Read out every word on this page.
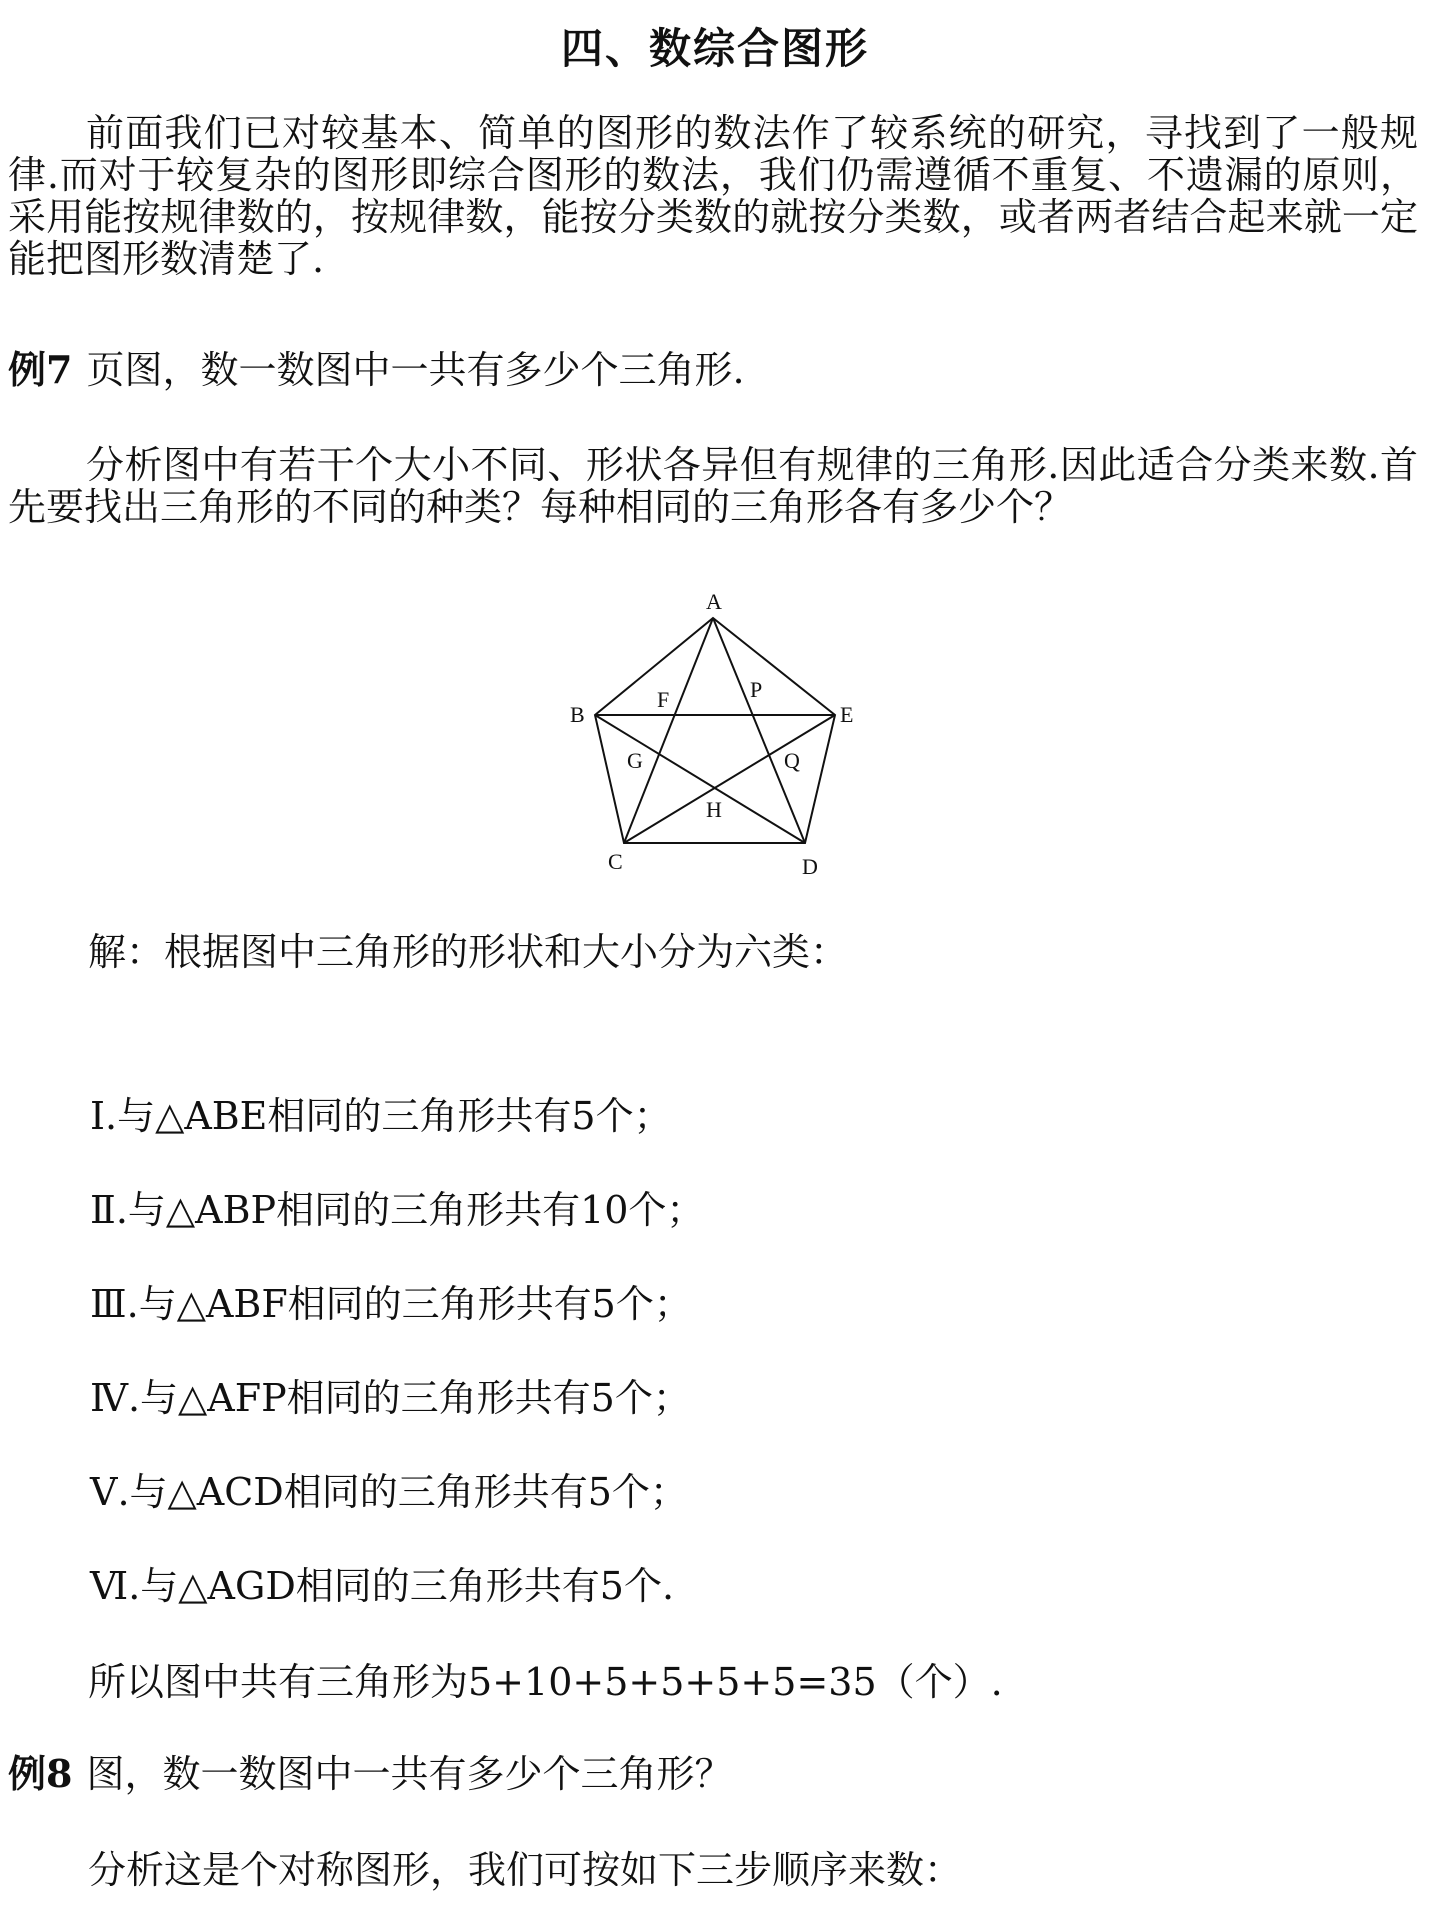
四、数综合图形
前面我们已对较基本、简单的图形的数法作了较系统的研究，寻找到了一般规律.而对于较复杂的图形即综合图形的数法，我们仍需遵循不重复、不遗漏的原则，采用能按规律数的，按规律数，能按分类数的就按分类数，或者两者结合起来就一定能把图形数清楚了.
例7 页图，数一数图中一共有多少个三角形.
分析图中有若干个大小不同、形状各异但有规律的三角形.因此适合分类来数.首先要找出三角形的不同的种类？每种相同的三角形各有多少个？
A
B
C	D
E
F	P
G	Q
H
解：根据图中三角形的形状和大小分为六类：
Ⅰ.与△ABE相同的三角形共有5个；
Ⅱ.与△ABP相同的三角形共有10个；
Ⅲ.与△ABF相同的三角形共有5个；
Ⅳ.与△AFP相同的三角形共有5个；
Ⅴ.与△ACD相同的三角形共有5个；
Ⅵ.与△AGD相同的三角形共有5个.
所以图中共有三角形为5+10+5+5+5+5=35（个）.
例8 图，数一数图中一共有多少个三角形？
分析这是个对称图形，我们可按如下三步顺序来数：
